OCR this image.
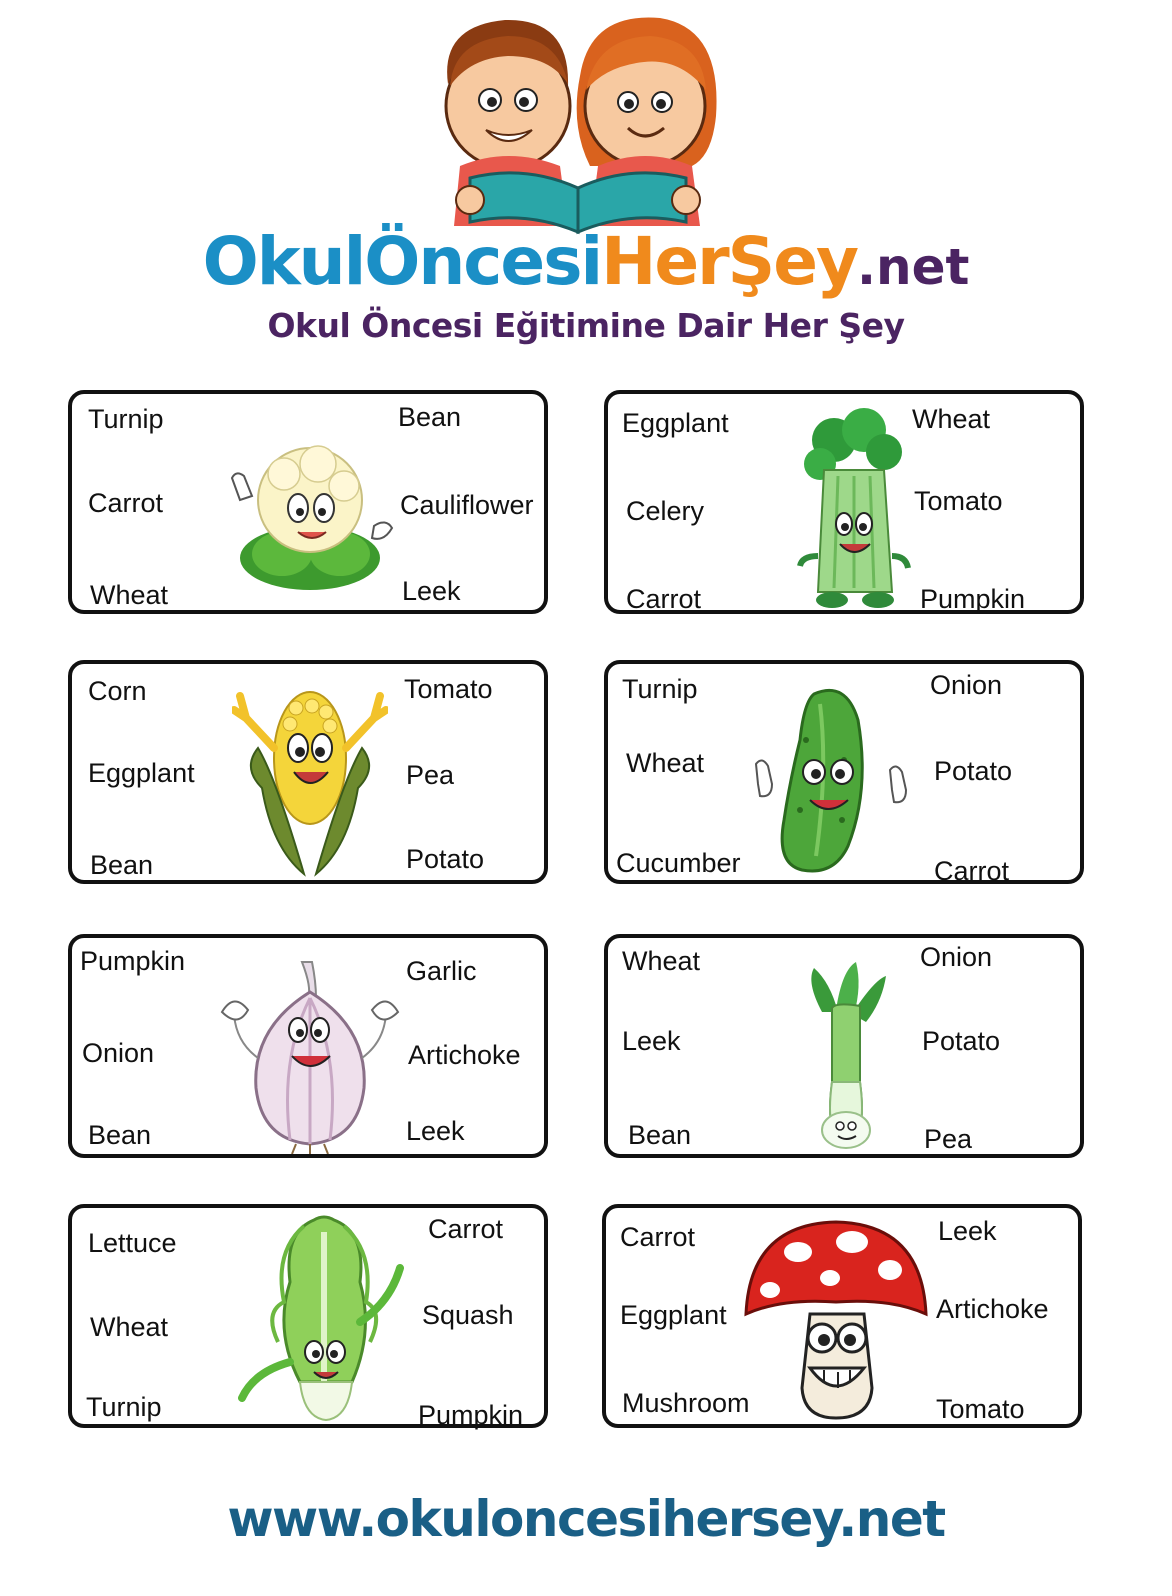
OkulÖncesiHerŞey.net
Okul Öncesi Eğitimine Dair Her Şey
Turnip	Bean
Carrot	Cauliflower
Wheat	Leek
Eggplant	Wheat
Celery	Tomato
Carrot	Pumpkin
Corn	Tomato
Eggplant	Pea
Bean	Potato
Turnip	Onion
Wheat	Potato
Cucumber	Carrot
Pumpkin	Garlic
Onion	Artichoke
Bean	Leek
Wheat	Onion
Leek	Potato
Bean	Pea
Lettuce	Carrot
Wheat	Squash
Turnip	Pumpkin
Carrot	Leek
Eggplant	Artichoke
Mushroom	Tomato
www.okuloncesihersey.net
